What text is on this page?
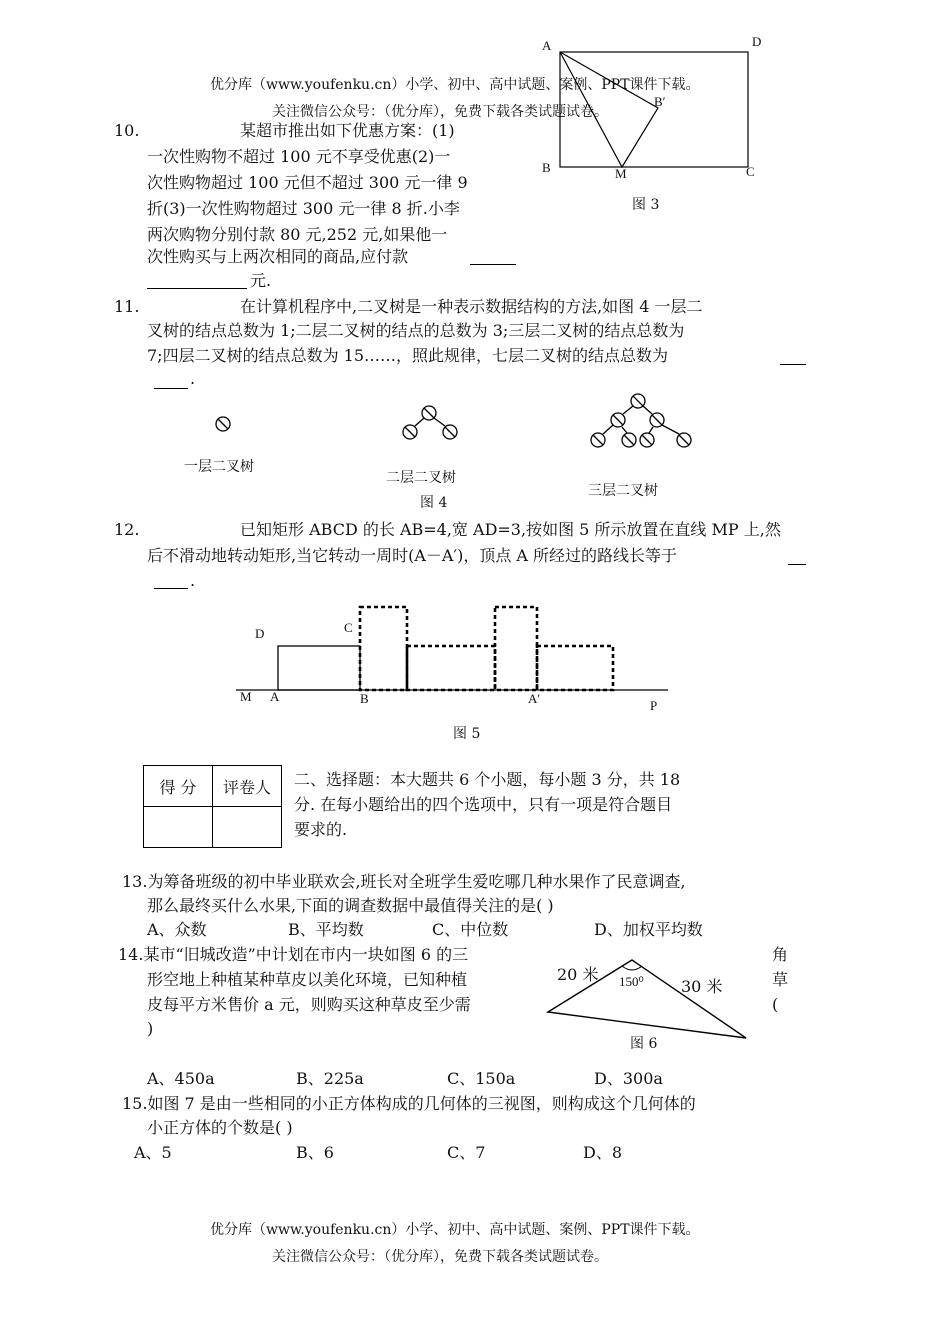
优分库（www.youfenku.cn）小学、初中、高中试题、案例、PPT课件下载。
关注微信公众号：（优分库），免费下载各类试题试卷。
A	D
B′
B	M	C
图 3
10.	某超市推出如下优惠方案：(1)
一次性购物不超过 100 元不享受优惠(2)一
次性购物超过 100 元但不超过 300 元一律 9
折(3)一次性购物超过 300 元一律 8 折.小李
两次购物分别付款 80 元,252 元,如果他一
次性购买与上两次相同的商品,应付款
元.
11.	在计算机程序中,二叉树是一种表示数据结构的方法,如图 4 一层二
叉树的结点总数为 1;二层二叉树的结点的总数为 3;三层二叉树的结点总数为
7;四层二叉树的结点总数为 15……，照此规律，七层二叉树的结点总数为
.
一层二叉树
二层二叉树
图 4
三层二叉树
12.	已知矩形 ABCD 的长 AB=4,宽 AD=3,按如图 5 所示放置在直线 MP 上,然
后不滑动地转动矩形,当它转动一周时(A－A′)，顶点 A 所经过的路线长等于
.
D	C
M A	B	A′	P
图 5
得 分	评卷人
	二、选择题：本大题共 6 个小题，每小题 3 分，共 18
分. 在每小题给出的四个选项中，只有一项是符合题目
要求的.
13.为筹备班级的初中毕业联欢会,班长对全班学生爱吃哪几种水果作了民意调查,
那么最终买什么水果,下面的调查数据中最值得关注的是( )
A、众数	B、平均数	C、中位数	D、加权平均数
14.某市“旧城改造”中计划在市内一块如图 6 的三
形空地上种植某种草皮以美化环境，已知种植
皮每平方米售价 a 元，则购买这种草皮至少需
)
角
草
(
20 米
30 米
150⁰
图 6
A、450a	B、225a	C、150a	D、300a
15.如图 7 是由一些相同的小正方体构成的几何体的三视图，则构成这个几何体的
小正方体的个数是( )
A、5	B、6	C、7	D、8
优分库（www.youfenku.cn）小学、初中、高中试题、案例、PPT课件下载。
关注微信公众号：（优分库），免费下载各类试题试卷。
